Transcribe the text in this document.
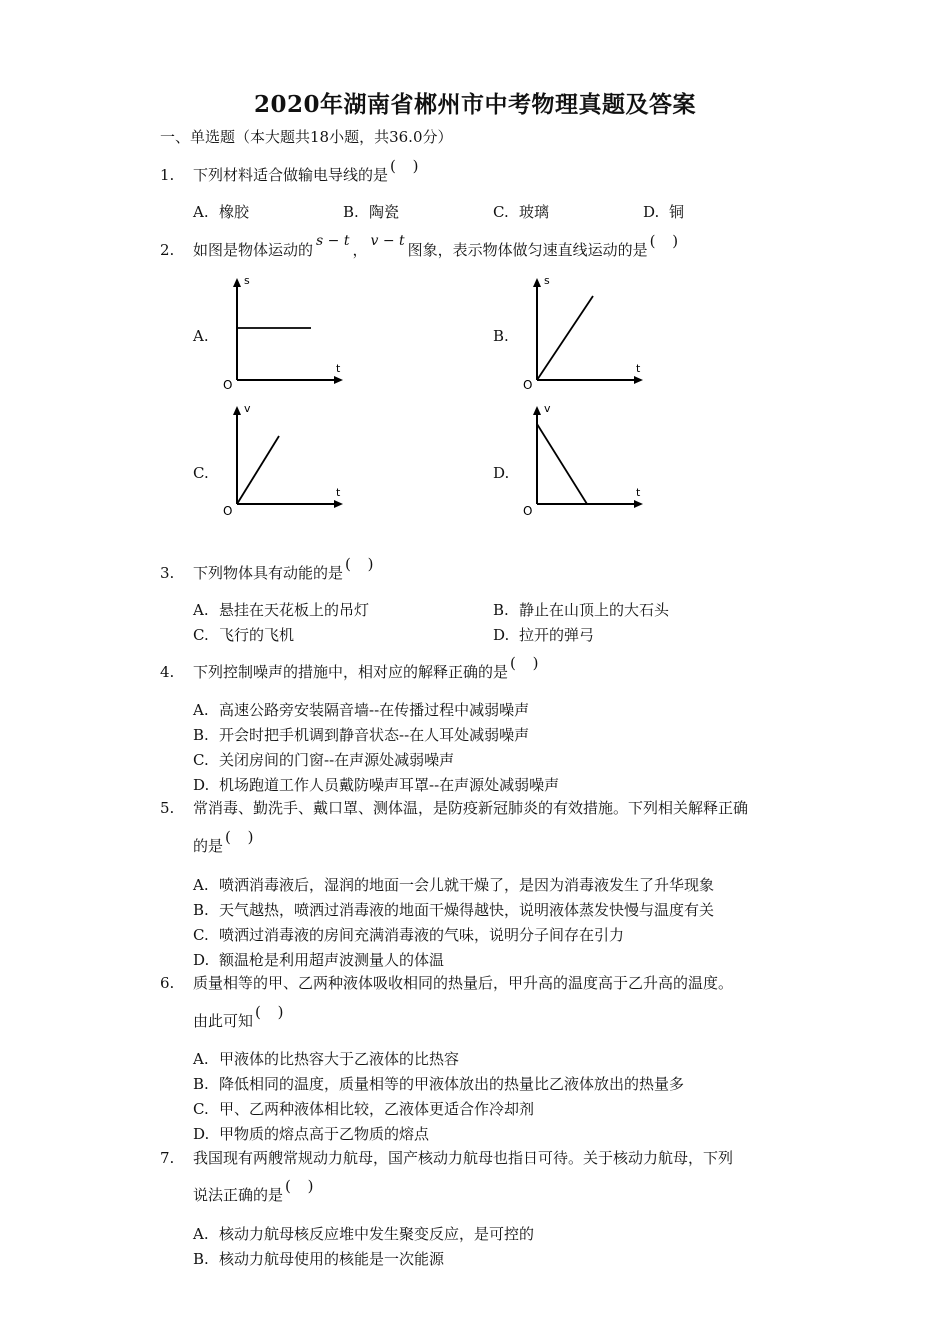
2020年湖南省郴州市中考物理真题及答案
一、单选题（本大题共18小题，共36.0分）
1.	下列材料适合做输电导线的是 ( )
A. 橡胶	B. 陶瓷	C. 玻璃	D. 铜
2.	如图是物体运动的 s − t ， v − t 图象，表示物体做匀速直线运动的是 ( )
A.
s
t
O
B.
s
t
O
C.
v
t
O
D.
v
t
O
3.	下列物体具有动能的是 ( )
A. 悬挂在天花板上的吊灯	B. 静止在山顶上的大石头
C. 飞行的飞机	D. 拉开的弹弓
4.	下列控制噪声的措施中，相对应的解释正确的是 ( )
A. 高速公路旁安装隔音墙--在传播过程中减弱噪声
B. 开会时把手机调到静音状态--在人耳处减弱噪声
C. 关闭房间的门窗--在声源处减弱噪声
D. 机场跑道工作人员戴防噪声耳罩--在声源处减弱噪声
5.	常消毒、勤洗手、戴口罩、测体温，是防疫新冠肺炎的有效措施。下列相关解释正确
的是 ( )
A. 喷洒消毒液后，湿润的地面一会儿就干燥了，是因为消毒液发生了升华现象
B. 天气越热，喷洒过消毒液的地面干燥得越快，说明液体蒸发快慢与温度有关
C. 喷洒过消毒液的房间充满消毒液的气味，说明分子间存在引力
D. 额温枪是利用超声波测量人的体温
6.	质量相等的甲、乙两种液体吸收相同的热量后，甲升高的温度高于乙升高的温度。
由此可知 ( )
A. 甲液体的比热容大于乙液体的比热容
B. 降低相同的温度，质量相等的甲液体放出的热量比乙液体放出的热量多
C. 甲、乙两种液体相比较，乙液体更适合作冷却剂
D. 甲物质的熔点高于乙物质的熔点
7.	我国现有两艘常规动力航母，国产核动力航母也指日可待。关于核动力航母，下列
说法正确的是 ( )
A. 核动力航母核反应堆中发生聚变反应，是可控的
B. 核动力航母使用的核能是一次能源
